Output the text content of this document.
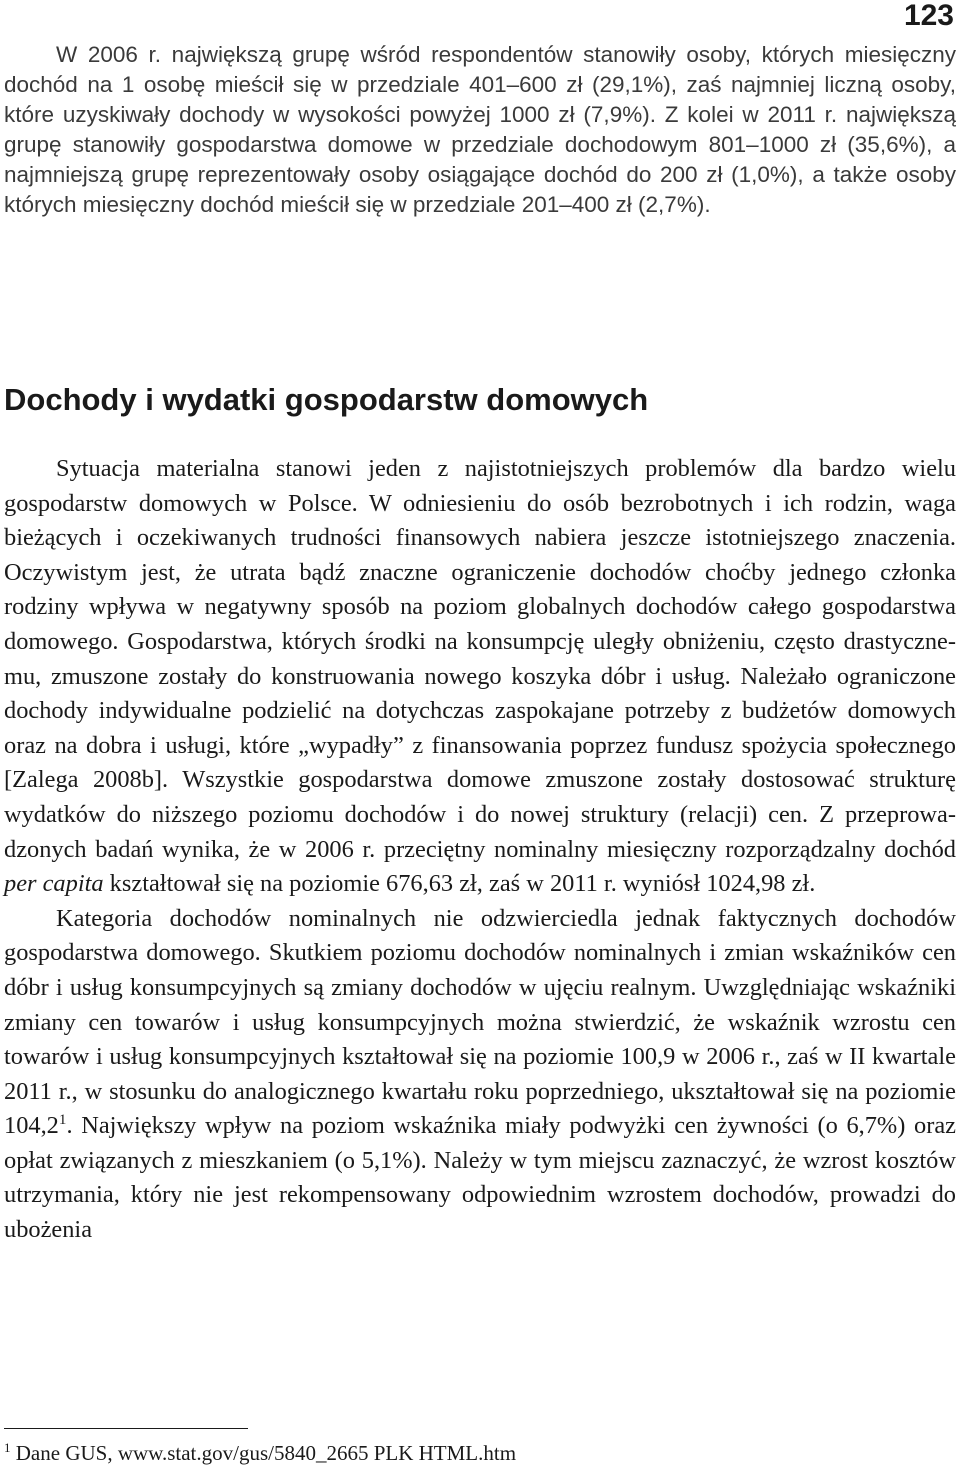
123

W 2006 r. największą grupę wśród respondentów stanowiły osoby, których miesięczny dochód na 1 osobę mieścił się w przedziale 401–600 zł (29,1%), zaś najmniej liczną osoby, które uzyskiwały dochody w wysokości powyżej 1000 zł (7,9%). Z kolei w 2011 r. największą grupę stanowiły gospodarstwa domowe w przedziale dochodowym 801–1000 zł (35,6%), a najmniejszą grupę reprezentowały osoby osiągające dochód do 200 zł (1,0%), a także osoby których miesięczny dochód mieścił się w przedziale 201–400 zł (2,7%).

Dochody i wydatki gospodarstw domowych

Sytuacja materialna stanowi jeden z najistotniejszych problemów dla bardzo wielu gospodarstw domowych w Polsce. W odniesieniu do osób bezrobotnych i ich rodzin, waga bieżących i oczekiwanych trudności finansowych nabiera jeszcze istotniejszego znaczenia. Oczywistym jest, że utrata bądź znaczne ograniczenie dochodów choćby jednego członka rodziny wpływa w negatywny sposób na poziom globalnych dochodów całego gospodarstwa domowego. Gospodarstwa, których środki na konsumpcję uległy obniżeniu, często drastycznemu, zmuszone zostały do konstruowania nowego koszyka dóbr i usług. Należało ograniczone dochody indywidualne podzielić na dotychczas zaspokajane potrzeby z budżetów domowych oraz na dobra i usługi, które „wypadły” z finansowania poprzez fundusz spożycia społecznego [Zalega 2008b]. Wszystkie gospodarstwa domowe zmuszone zostały dostosować strukturę wydatków do niższego poziomu dochodów i do nowej struktury (relacji) cen. Z przeprowadzonych badań wynika, że w 2006 r. przeciętny nominalny miesięczny rozporządzalny dochód per capita kształtował się na poziomie 676,63 zł, zaś w 2011 r. wyniósł 1024,98 zł.

Kategoria dochodów nominalnych nie odzwierciedla jednak faktycznych dochodów gospodarstwa domowego. Skutkiem poziomu dochodów nominalnych i zmian wskaźników cen dóbr i usług konsumpcyjnych są zmiany dochodów w ujęciu realnym. Uwzględniając wskaźniki zmiany cen towarów i usług konsumpcyjnych można stwierdzić, że wskaźnik wzrostu cen towarów i usług konsumpcyjnych kształtował się na poziomie 100,9 w 2006 r., zaś w II kwartale 2011 r., w stosunku do analogicznego kwartału roku poprzedniego, ukształtował się na poziomie 104,2$^1$. Największy wpływ na poziom wskaźnika miały podwyżki cen żywności (o 6,7%) oraz opłat związanych z mieszkaniem (o 5,1%). Należy w tym miejscu zaznaczyć, że wzrost kosztów utrzymania, który nie jest rekompensowany odpowiednim wzrostem dochodów, prowadzi do ubożenia

$^1$ Dane GUS, www.stat.gov/gus/5840_2665 PLK HTML.htm
